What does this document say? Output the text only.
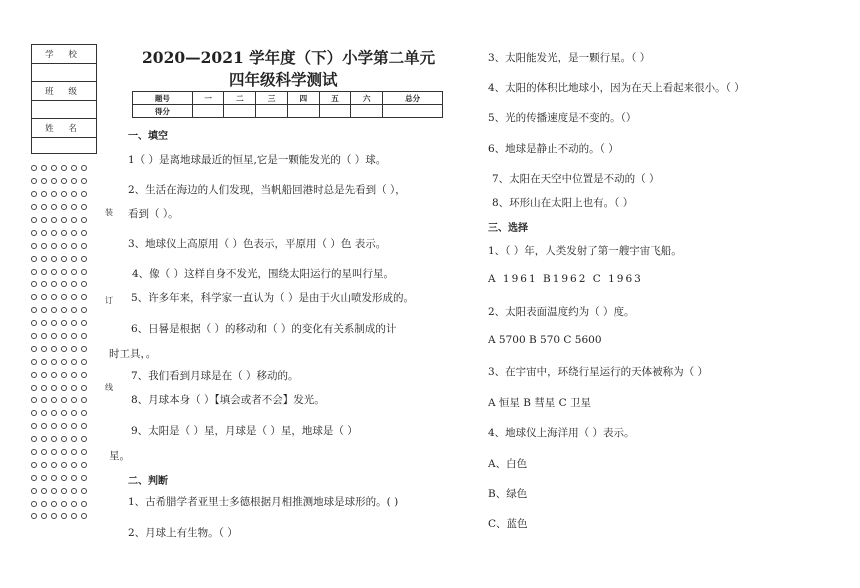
学 校
班 级
姓 名
装
订
线
2020—2021 学年度（下）小学第二单元
四年级科学测试
题号	一	二	三	四	五	六	总分
得分							
一、填空
1（ ）是离地球最近的恒星,它是一颗能发光的（ ）球。
2、生活在海边的人们发现，当帆船回港时总是先看到（ ），
看到（ ）。
3、地球仪上高原用（ ）色表示，平原用（ ）色 表示。
4、像（ ）这样自身不发光，围绕太阳运行的星叫行星。
5、许多年来，科学家一直认为（ ）是由于火山喷发形成的。
6、日晷是根据（ ）的移动和（ ）的变化有关系制成的计
时工具，。
7、我们看到月球是在（ ）移动的。
8、月球本身（ ）【填会或者不会】发光。
9、太阳是（ ）星，月球是（ ）星，地球是（ ）
星。
二、判断
1、古希腊学者亚里士多德根据月相推测地球是球形的。( )
2、月球上有生物。（ ）
3、太阳能发光，是一颗行星。（ ）
4、太阳的体积比地球小，因为在天上看起来很小。（ ）
5、光的传播速度是不变的。（）
6、地球是静止不动的。（ ）
7、太阳在天空中位置是不动的（ ）
8、环形山在太阳上也有。（ ）
三、选择
1、（ ）年，人类发射了第一艘宇宙飞船。
A 1961 B1962 C 1963
2、太阳表面温度约为（ ）度。
A 5700 B 570 C 5600
3、在宇宙中，环绕行星运行的天体被称为（ ）
A 恒星 B 彗星 C 卫星
4、地球仪上海洋用（ ）表示。
A、白色
B、绿色
C、蓝色
